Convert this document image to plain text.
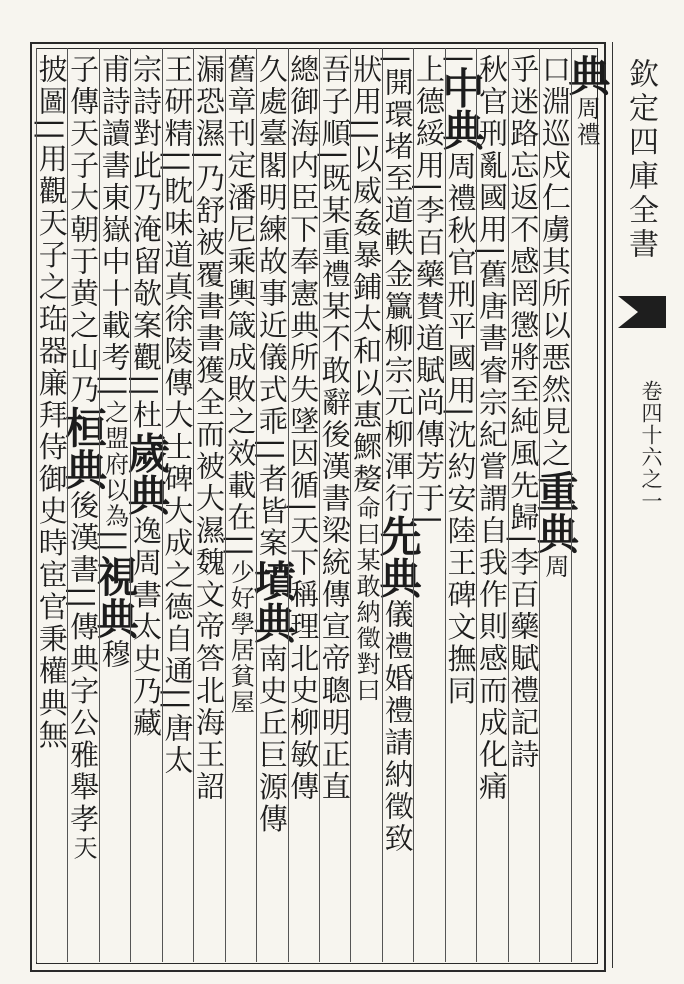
欽定四庫全書
卷四十六之一
典周禮
口淵巡戍仁虜其所以悪然見之重典周
乎迷路忘返不感罔懲將至純風先歸|李百藥賦禮記詩
秋官刑亂國用|舊唐書睿宗紀嘗謂自我作則感而成化痛
|中典周禮秋官刑平國用|沈約安陸王碑文撫同
上德綏用|李百藥賛道賦尚傳芳于|
|開環堵至道軼金籯柳宗元柳渾行先典儀禮婚禮請納徵致
狀用||以威姦暴鋪太和以惠鰥嫠命曰某敢納徵對曰
吾子順|既某重禮某不敢辭後漢書梁統傳宣帝聰明正直
總御海内臣下奉憲典所失墜因循|天下稱理北史柳敏傳
久處臺閣明練故事近儀式乖||者皆案墳典南史丘巨源傳
舊章刊定潘尼乘輿箴成敗之效載在||少好學居貧屋
漏恐濕|乃舒被覆書書獲全而被大濕魏文帝答北海王詔
王研精||眈味道真徐陵傳大士碑大成之德自通||唐太
宗詩對此乃淹留欹案觀||杜歲典逸周書太史乃藏
甫詩讀書東嶽中十載考||之盟府以為||視典穆
子傳天子大朝于黄之山乃桓典後漢書||傳典字公雅舉孝天
披圖||用觀天子之珤器廉拜侍御史時宦官秉權典無
